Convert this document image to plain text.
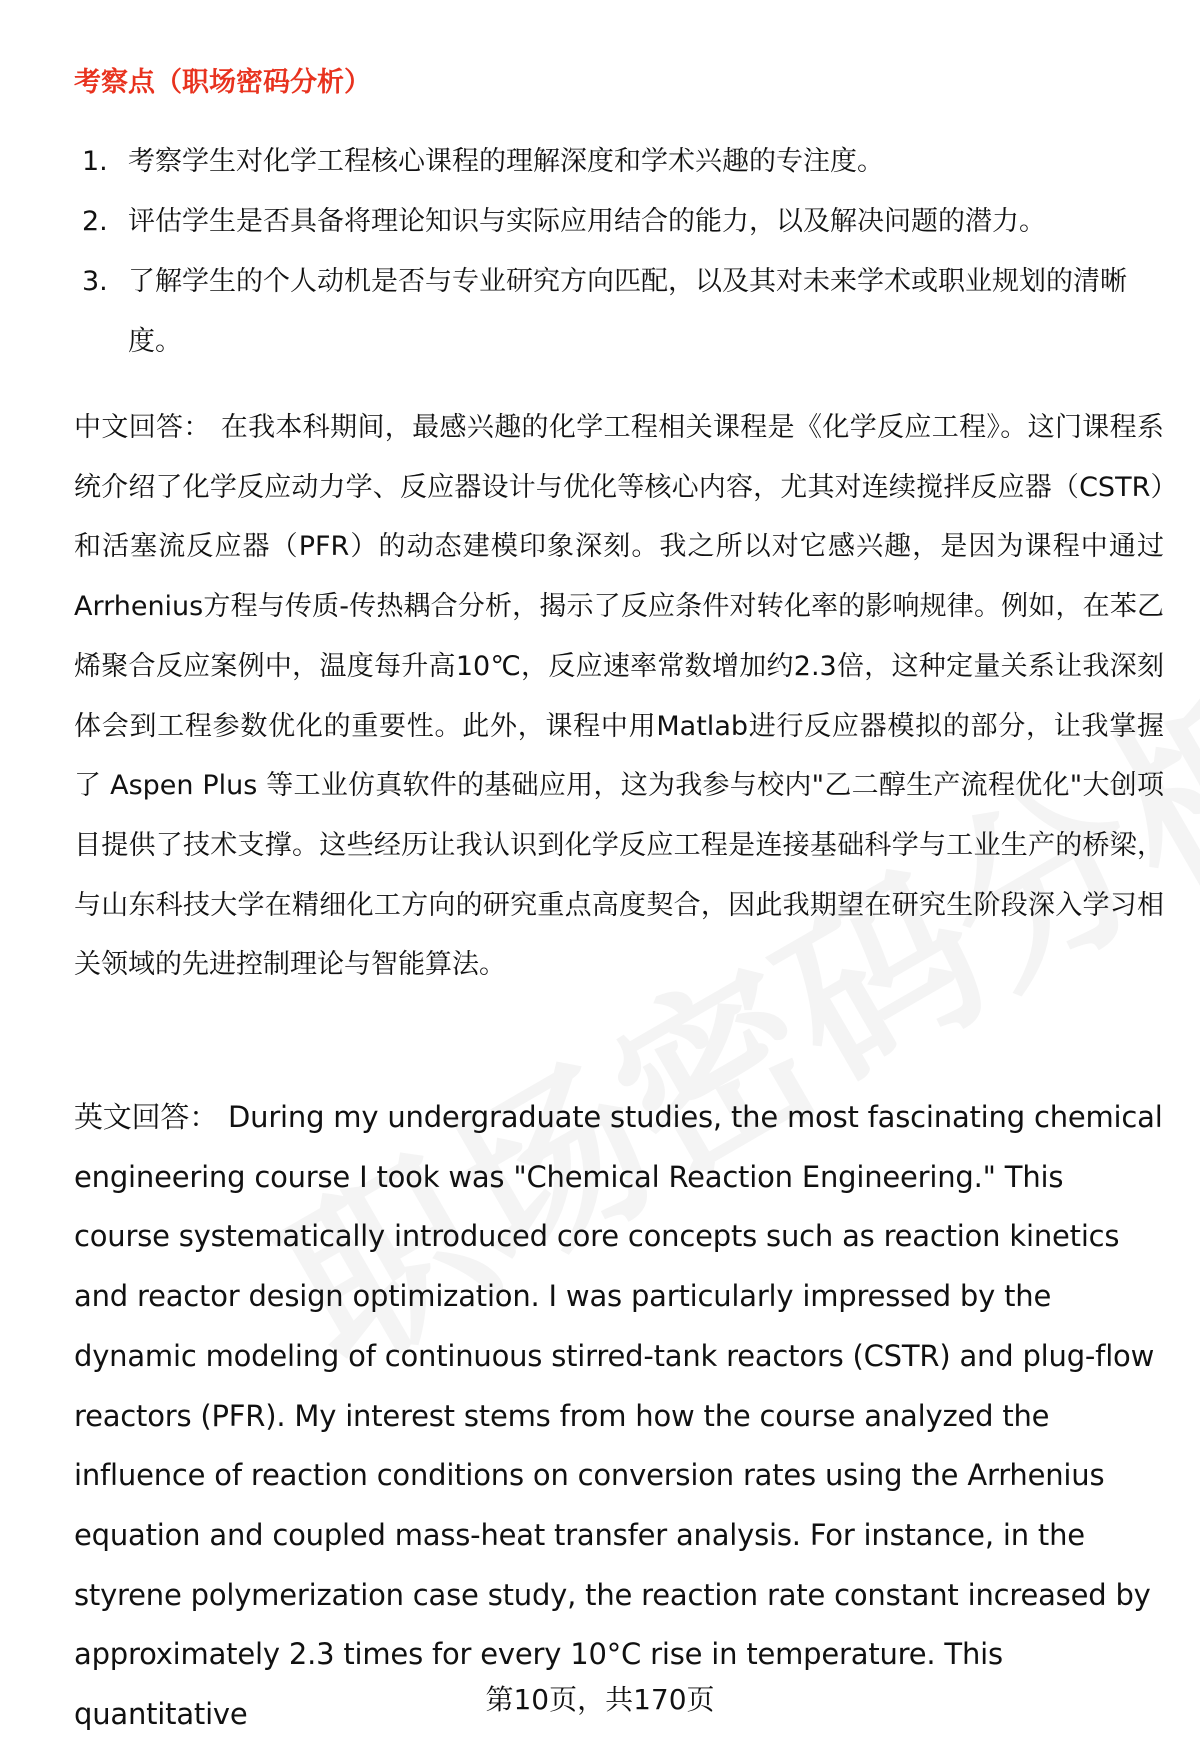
考察点（职场密码分析）
1. 考察学生对化学工程核心课程的理解深度和学术兴趣的专注度。
2. 评估学生是否具备将理论知识与实际应用结合的能力，以及解决问题的潜力。
3. 了解学生的个人动机是否与专业研究方向匹配，以及其对未来学术或职业规划的清晰度。

中文回答： 在我本科期间，最感兴趣的化学工程相关课程是《化学反应工程》。这门课程系统介绍了化学反应动力学、反应器设计与优化等核心内容，尤其对连续搅拌反应器（CSTR）和活塞流反应器（PFR）的动态建模印象深刻。我之所以对它感兴趣，是因为课程中通过Arrhenius方程与传质-传热耦合分析，揭示了反应条件对转化率的影响规律。例如，在苯乙烯聚合反应案例中，温度每升高10℃，反应速率常数增加约2.3倍，这种定量关系让我深刻体会到工程参数优化的重要性。此外，课程中用Matlab进行反应器模拟的部分，让我掌握了 Aspen Plus 等工业仿真软件的基础应用，这为我参与校内"乙二醇生产流程优化"大创项目提供了技术支撑。这些经历让我认识到化学反应工程是连接基础科学与工业生产的桥梁，与山东科技大学在精细化工方向的研究重点高度契合，因此我期望在研究生阶段深入学习相关领域的先进控制理论与智能算法。

英文回答： During my undergraduate studies, the most fascinating chemical engineering course I took was "Chemical Reaction Engineering." This course systematically introduced core concepts such as reaction kinetics and reactor design optimization. I was particularly impressed by the dynamic modeling of continuous stirred-tank reactors (CSTR) and plug-flow reactors (PFR). My interest stems from how the course analyzed the influence of reaction conditions on conversion rates using the Arrhenius equation and coupled mass-heat transfer analysis. For instance, in the styrene polymerization case study, the reaction rate constant increased by approximately 2.3 times for every 10°C rise in temperature. This quantitative	第10页，共170页
